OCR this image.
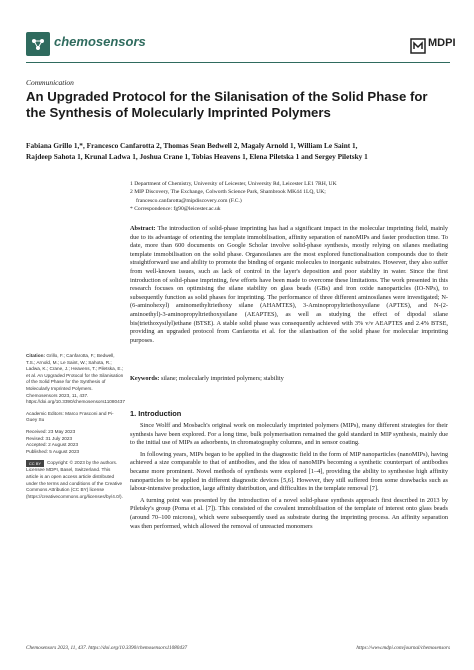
chemosensors	MDPI
Communication
An Upgraded Protocol for the Silanisation of the Solid Phase for the Synthesis of Molecularly Imprinted Polymers
Fabiana Grillo 1,*, Francesco Canfarotta 2, Thomas Sean Bedwell 2, Magaly Arnold 1, William Le Saint 1,
Rajdeep Sahota 1, Krunal Ladwa 1, Joshua Crane 1, Tobias Heavens 1, Elena Piletska 1 and Sergey Piletsky 1
1 Department of Chemistry, University of Leicester, University Rd, Leicester LE1 7RH, UK
2 MIP Discovery, The Exchange, Colworth Science Park, Shambrook MK44 1LQ, UK;
francesco.canfarotta@mipdiscovery.com (F.C.)
* Correspondence: fg90@leicester.ac.uk
Abstract: The introduction of solid-phase imprinting has had a significant impact in the molecular imprinting field, mainly due to its advantage of orienting the template immobilisation, affinity separation of nanoMIPs and faster production time. To date, more than 600 documents on Google Scholar involve solid-phase synthesis, mostly relying on silanes mediating template immobilisation on the solid phase. Organosilanes are the most explored functionalisation compounds due to their straightforward use and ability to promote the binding of organic molecules to inorganic substrates. However, they also suffer from well-known issues, such as lack of control in the layer's deposition and poor stability in water. Since the first introduction of solid-phase imprinting, few efforts have been made to overcome these limitations. The work presented in this research focuses on optimising the silane stability on glass beads (GBs) and iron oxide nanoparticles (IO-NPs), to subsequently function as solid phases for imprinting. The performance of three different aminosilanes were investigated; N-(6-aminohexyl) aminomethyltriethoxy silane (AHAMTES), 3-Aminopropyltriethoxysilane (APTES), and N-(2-aminoethyl)-3-aminopropyltriethoxysilane (AEAPTES), as well as studying the effect of dipodal silane bis(triethoxysilyl)ethane (BTSE). A stable solid phase was consequently achieved with 3% v/v AEAPTES and 2.4% BTSE, providing an upgraded protocol from Canfarotta et al. for the silanisation of the solid phase for molecular imprinting purposes.
Keywords: silane; molecularly imprinted polymers; stability
Citation: Grillo, F.; Canfarotta, F.; Bedwell, T.S.; Arnold, M.; Le Saint, W.; Sahota, R.; Ladwa, K.; Crane, J.; Heavens, T.; Piletska, E.; et al. An Upgraded Protocol for the Silanisation of the Solid Phase for the Synthesis of Molecularly Imprinted Polymers. Chemosensors 2023, 11, 437. https://doi.org/10.3390/chemosensors11080437
Academic Editors: Marco Frasconi and Pi-Guey Su
Received: 23 May 2023
Revised: 31 July 2023
Accepted: 2 August 2023
Published: 5 August 2023
CC BY Copyright: © 2023 by the authors. Licensee MDPI, Basel, Switzerland. This article is an open access article distributed under the terms and conditions of the Creative Commons Attribution (CC BY) license (https://creativecommons.org/licenses/by/4.0/).
1. Introduction

Since Wolff and Mosbach's original work on molecularly imprinted polymers (MIPs), many different strategies for their synthesis have been explored. For a long time, bulk polymerisation remained the gold standard in MIP synthesis, mainly due to the initial use of MIPs as adsorbents, in chromatography columns, and in sensor coating.

In following years, MIPs began to be applied in the diagnostic field in the form of MIP nanoparticles (nanoMIPs), having achieved a size comparable to that of antibodies, and the idea of nanoMIPs becoming a synthetic counterpart of antibodies became more prominent. Novel methods of synthesis were explored [1–4], providing the ability to synthesise high affinity nanoparticles to be applied in different diagnostic devices [5,6]. However, they still suffered from some drawbacks such as labour-intensive production, large affinity distribution, and difficulties in the template removal [7].

A turning point was presented by the introduction of a novel solid-phase synthesis approach first described in 2013 by Piletsky's group (Poma et al. [7]). This consisted of the covalent immobilisation of the template of interest onto glass beads (around 70–100 microns), which were subsequently used as substrate during the imprinting process. An affinity separation was then performed, which allowed the removal of unreacted monomers

Chemosensors 2023, 11, 437. https://doi.org/10.3390/chemosensors11080437	https://www.mdpi.com/journal/chemosensors
